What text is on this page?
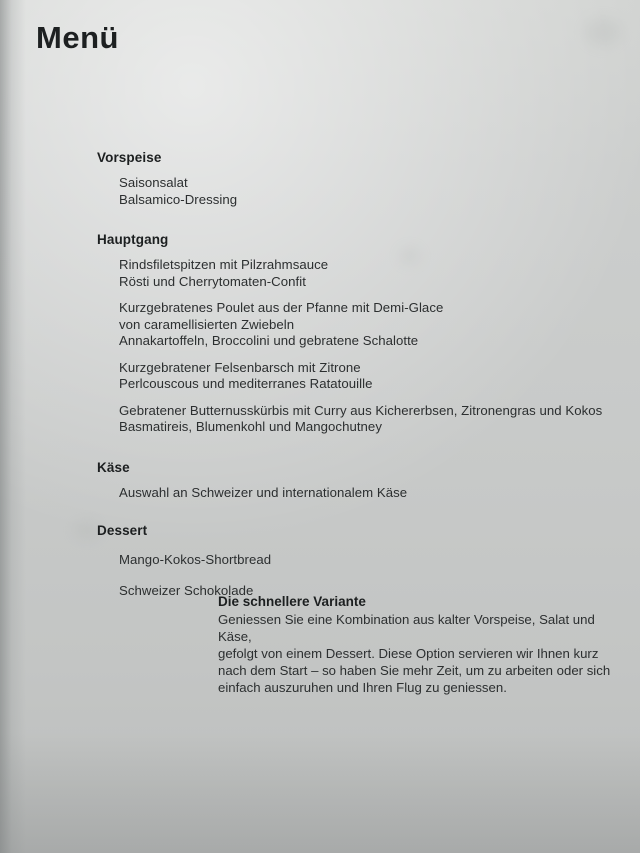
Menü
Vorspeise
Saisonsalat
Balsamico-Dressing
Hauptgang
Rindsfiletspitzen mit Pilzrahmsauce
Rösti und Cherrytomaten-Confit
Kurzgebratenes Poulet aus der Pfanne mit Demi-Glace
von caramellisierten Zwiebeln
Annakartoffeln, Broccolini und gebratene Schalotte
Kurzgebratener Felsenbarsch mit Zitrone
Perlcouscous und mediterranes Ratatouille
Gebratener Butternusskürbis mit Curry aus Kichererbsen, Zitronengras und Kokos
Basmatireis, Blumenkohl und Mangochutney
Käse
Auswahl an Schweizer und internationalem Käse
Dessert
Mango-Kokos-Shortbread
Schweizer Schokolade
Die schnellere Variante
Geniessen Sie eine Kombination aus kalter Vorspeise, Salat und Käse,
gefolgt von einem Dessert. Diese Option servieren wir Ihnen kurz
nach dem Start – so haben Sie mehr Zeit, um zu arbeiten oder sich
einfach auszuruhen und Ihren Flug zu geniessen.
